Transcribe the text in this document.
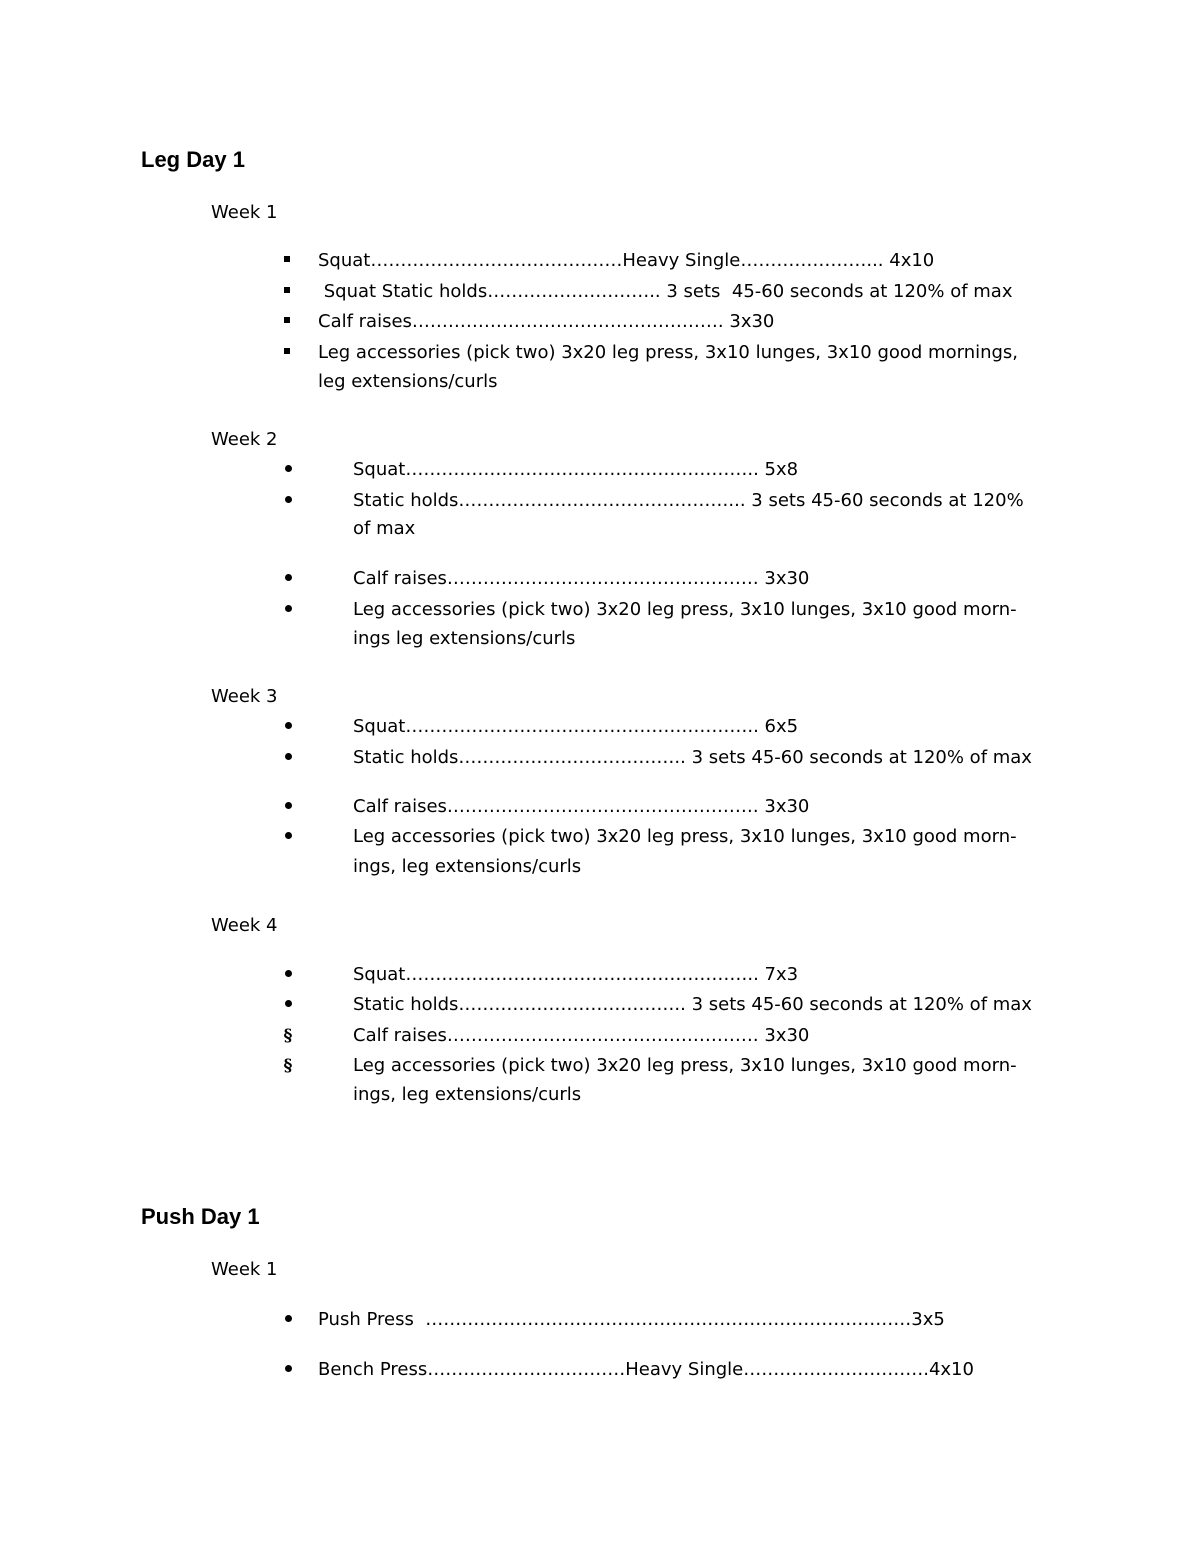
Leg Day 1

Week 1

Squat……………………………………Heavy Single…………………... 4x10
Squat Static holds……………………….. 3 sets  45-60 seconds at 120% of max
Calf raises……………………………………………. 3x30
Leg accessories (pick two) 3x20 leg press, 3x10 lunges, 3x10 good mornings,
leg extensions/curls

Week 2

Squat………………………………………………….. 5x8
Static holds………………………………………... 3 sets 45-60 seconds at 120%
of max
Calf raises……………………………………………. 3x30
Leg accessories (pick two) 3x20 leg press, 3x10 lunges, 3x10 good morn-
ings leg extensions/curls

Week 3

Squat………………………………………………….. 6x5
Static holds……………………………….. 3 sets 45-60 seconds at 120% of max
Calf raises……………………………………………. 3x30
Leg accessories (pick two) 3x20 leg press, 3x10 lunges, 3x10 good morn-
ings, leg extensions/curls

Week 4

Squat………………………………………………….. 7x3
Static holds……………………………….. 3 sets 45-60 seconds at 120% of max
§	Calf raises……………………………………………. 3x30
§	Leg accessories (pick two) 3x20 leg press, 3x10 lunges, 3x10 good morn-
ings, leg extensions/curls
Push Day 1

Week 1

Push Press  ………………………………………………………………………3x5
Bench Press……………………………Heavy Single………………………….4x10
